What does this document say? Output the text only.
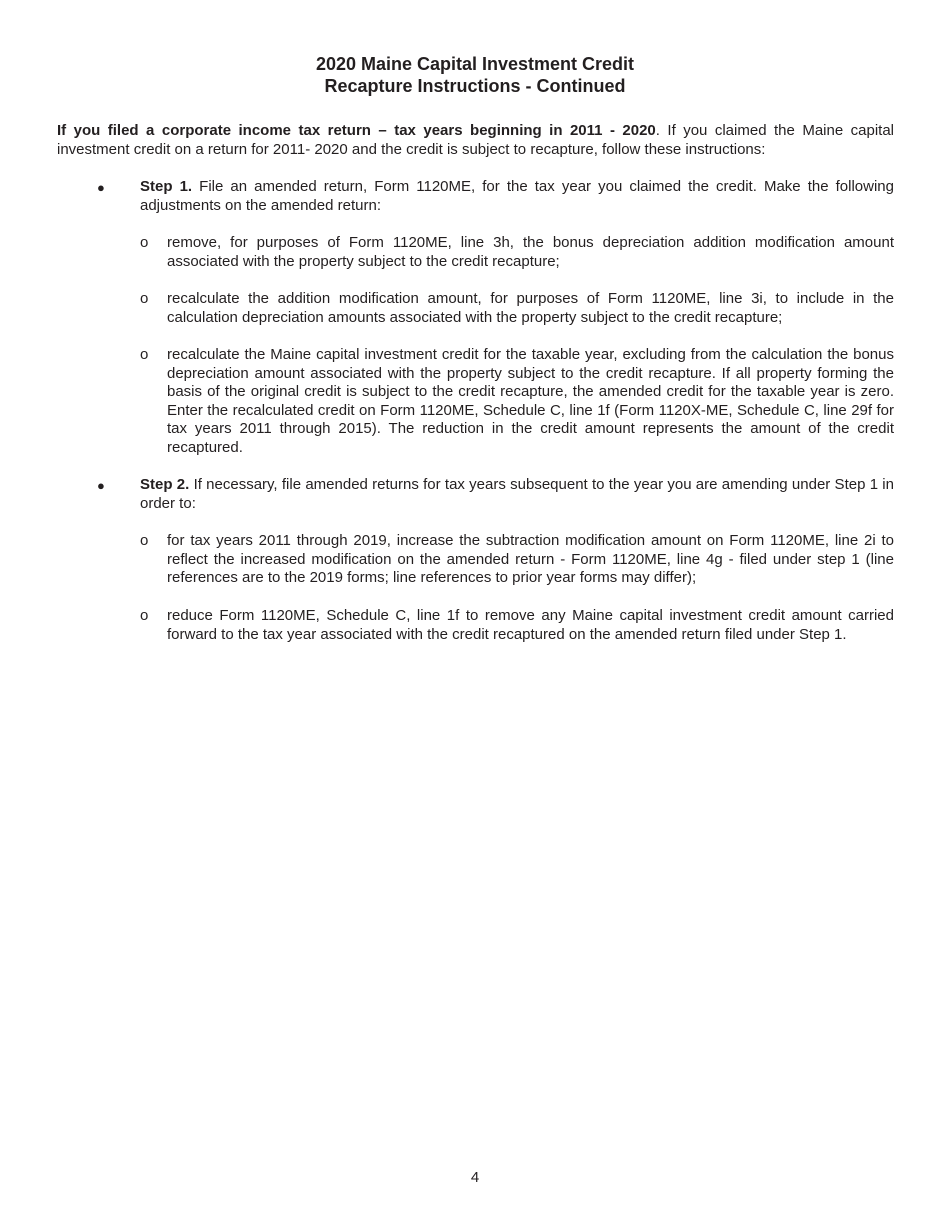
2020 Maine Capital Investment Credit
Recapture Instructions - Continued
If you filed a corporate income tax return – tax years beginning in 2011 - 2020. If you claimed the Maine capital investment credit on a return for 2011- 2020 and the credit is subject to recapture, follow these instructions:
●	Step 1. File an amended return, Form 1120ME, for the tax year you claimed the credit. Make the following adjustments on the amended return:
o	remove, for purposes of Form 1120ME, line 3h, the bonus depreciation addition modification amount associated with the property subject to the credit recapture;
o	recalculate the addition modification amount, for purposes of Form 1120ME, line 3i, to include in the calculation depreciation amounts associated with the property subject to the credit recapture;
o	recalculate the Maine capital investment credit for the taxable year, excluding from the calculation the bonus depreciation amount associated with the property subject to the credit recapture. If all property forming the basis of the original credit is subject to the credit recapture, the amended credit for the taxable year is zero. Enter the recalculated credit on Form 1120ME, Schedule C, line 1f (Form 1120X-ME, Schedule C, line 29f for tax years 2011 through 2015). The reduction in the credit amount represents the amount of the credit recaptured.
●	Step 2. If necessary, file amended returns for tax years subsequent to the year you are amending under Step 1 in order to:
o	for tax years 2011 through 2019, increase the subtraction modification amount on Form 1120ME, line 2i to reflect the increased modification on the amended return - Form 1120ME, line 4g - filed under step 1 (line references are to the 2019 forms; line references to prior year forms may differ);
o	reduce Form 1120ME, Schedule C, line 1f to remove any Maine capital investment credit amount carried forward to the tax year associated with the credit recaptured on the amended return filed under Step 1.
4
